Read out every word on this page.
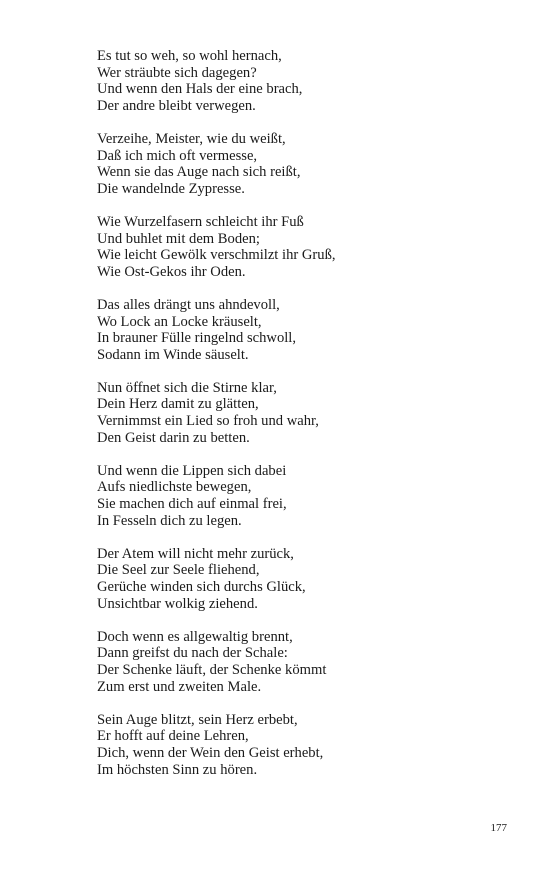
Es tut so weh, so wohl hernach,
Wer sträubte sich dagegen?
Und wenn den Hals der eine brach,
Der andre bleibt verwegen.
Verzeihe, Meister, wie du weißt,
Daß ich mich oft vermesse,
Wenn sie das Auge nach sich reißt,
Die wandelnde Zypresse.
Wie Wurzelfasern schleicht ihr Fuß
Und buhlet mit dem Boden;
Wie leicht Gewölk verschmilzt ihr Gruß,
Wie Ost-Gekos ihr Oden.
Das alles drängt uns ahndevoll,
Wo Lock an Locke kräuselt,
In brauner Fülle ringelnd schwoll,
Sodann im Winde säuselt.
Nun öffnet sich die Stirne klar,
Dein Herz damit zu glätten,
Vernimmst ein Lied so froh und wahr,
Den Geist darin zu betten.
Und wenn die Lippen sich dabei
Aufs niedlichste bewegen,
Sie machen dich auf einmal frei,
In Fesseln dich zu legen.
Der Atem will nicht mehr zurück,
Die Seel zur Seele fliehend,
Gerüche winden sich durchs Glück,
Unsichtbar wolkig ziehend.
Doch wenn es allgewaltig brennt,
Dann greifst du nach der Schale:
Der Schenke läuft, der Schenke kömmt
Zum erst und zweiten Male.
Sein Auge blitzt, sein Herz erbebt,
Er hofft auf deine Lehren,
Dich, wenn der Wein den Geist erhebt,
Im höchsten Sinn zu hören.
177
